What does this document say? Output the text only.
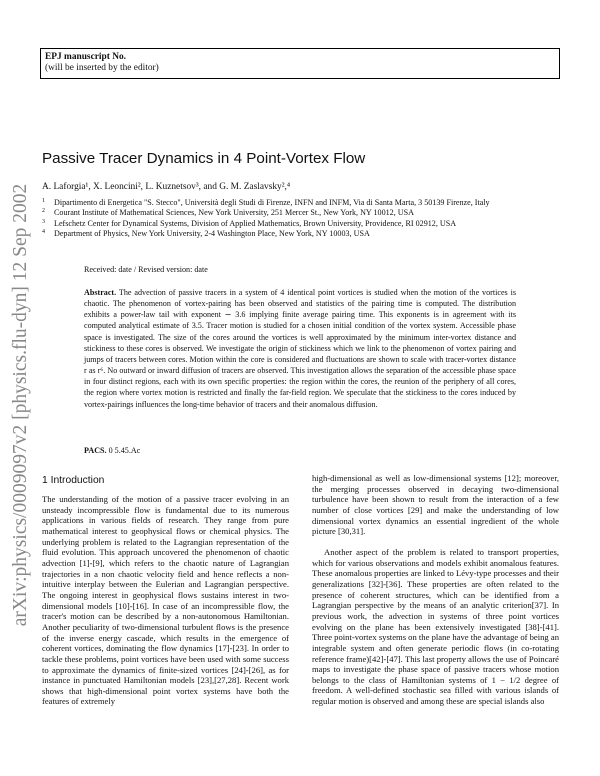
arXiv:physics/0009097v2 [physics.flu-dyn] 12 Sep 2002
EPJ manuscript No.
(will be inserted by the editor)
Passive Tracer Dynamics in 4 Point-Vortex Flow
A. Laforgia¹, X. Leoncini², L. Kuznetsov³, and G. M. Zaslavsky²,⁴
1 Dipartimento di Energetica "S. Stecco", Università degli Studi di Firenze, INFN and INFM, Via di Santa Marta, 3 50139 Firenze, Italy
2 Courant Institute of Mathematical Sciences, New York University, 251 Mercer St., New York, NY 10012, USA
3 Lefschetz Center for Dynamical Systems, Division of Applied Mathematics, Brown University, Providence, RI 02912, USA
4 Department of Physics, New York University, 2-4 Washington Place, New York, NY 10003, USA
Received: date / Revised version: date

Abstract. The advection of passive tracers in a system of 4 identical point vortices is studied when the motion of the vortices is chaotic. The phenomenon of vortex-pairing has been observed and statistics of the pairing time is computed. The distribution exhibits a power-law tail with exponent ∼ 3.6 implying finite average pairing time. This exponents is in agreement with its computed analytical estimate of 3.5. Tracer motion is studied for a chosen initial condition of the vortex system. Accessible phase space is investigated. The size of the cores around the vortices is well approximated by the minimum inter-vortex distance and stickiness to these cores is observed. We investigate the origin of stickiness which we link to the phenomenon of vortex pairing and jumps of tracers between cores. Motion within the core is considered and fluctuations are shown to scale with tracer-vortex distance r as r⁶. No outward or inward diffusion of tracers are observed. This investigation allows the separation of the accessible phase space in four distinct regions, each with its own specific properties: the region within the cores, the reunion of the periphery of all cores, the region where vortex motion is restricted and finally the far-field region. We speculate that the stickiness to the cores induced by vortex-pairings influences the long-time behavior of tracers and their anomalous diffusion.

PACS. 0 5.45.Ac
1 Introduction

The understanding of the motion of a passive tracer evolving in an unsteady incompressible flow is fundamental due to its numerous applications in various fields of research. They range from pure mathematical interest to geophysical flows or chemical physics. The underlying problem is related to the Lagrangian representation of the fluid evolution. This approach uncovered the phenomenon of chaotic advection [1]-[9], which refers to the chaotic nature of Lagrangian trajectories in a non chaotic velocity field and hence reflects a non-intuitive interplay between the Eulerian and Lagrangian perspective. The ongoing interest in geophysical flows sustains interest in two-dimensional models [10]-[16]. In case of an incompressible flow, the tracer's motion can be described by a non-autonomous Hamiltonian. Another peculiarity of two-dimensional turbulent flows is the presence of the inverse energy cascade, which results in the emergence of coherent vortices, dominating the flow dynamics [17]-[23]. In order to tackle these problems, point vortices have been used with some success to approximate the dynamics of finite-sized vortices [24]-[26], as for instance in punctuated Hamiltonian models [23],[27,28]. Recent work shows that high-dimensional point vortex systems have both the features of extremely

high-dimensional as well as low-dimensional systems [12]; moreover, the merging processes observed in decaying two-dimensional turbulence have been shown to result from the interaction of a few number of close vortices [29] and make the understanding of low dimensional vortex dynamics an essential ingredient of the whole picture [30,31].

Another aspect of the problem is related to transport properties, which for various observations and models exhibit anomalous features. These anomalous properties are linked to Lévy-type processes and their generalizations [32]-[36]. These properties are often related to the presence of coherent structures, which can be identified from a Lagrangian perspective by the means of an analytic criterion[37]. In previous work, the advection in systems of three point vortices evolving on the plane has been extensively investigated [38]-[41]. Three point-vortex systems on the plane have the advantage of being an integrable system and often generate periodic flows (in co-rotating reference frame)[42]-[47]. This last property allows the use of Poincaré maps to investigate the phase space of passive tracers whose motion belongs to the class of Hamiltonian systems of 1 − 1/2 degree of freedom. A well-defined stochastic sea filled with various islands of regular motion is observed and among these are special islands also
